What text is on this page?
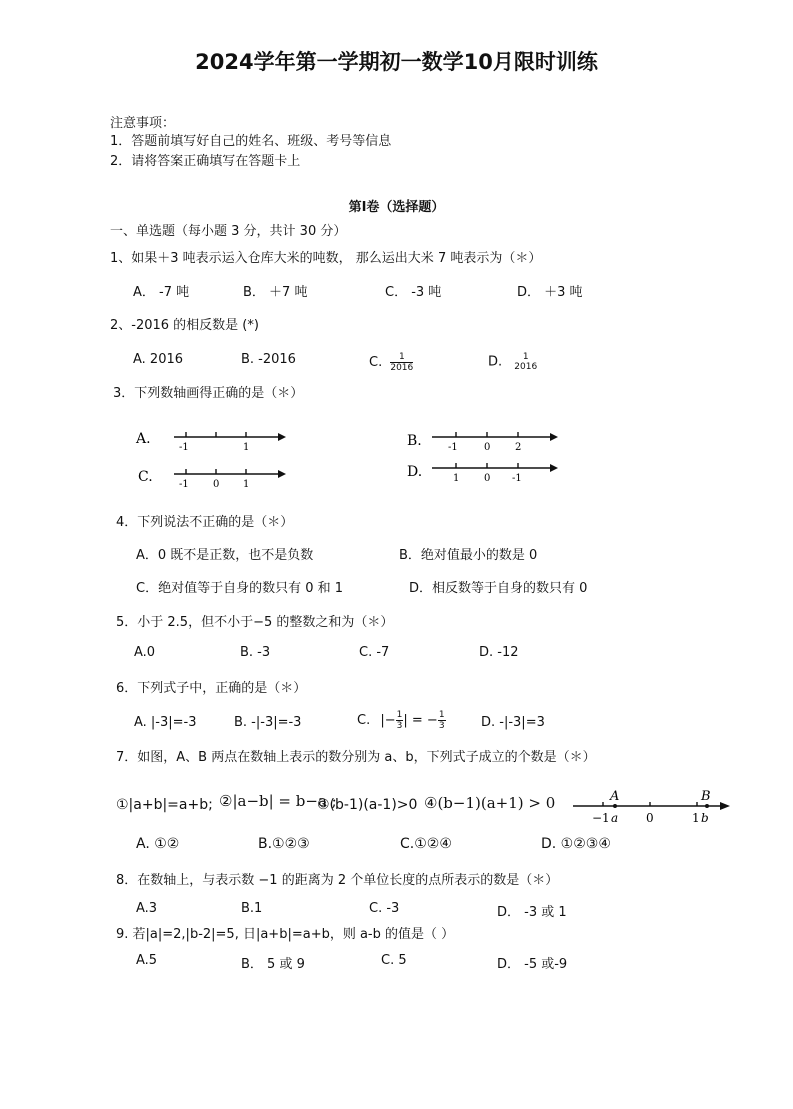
2024学年第一学期初一数学10月限时训练
注意事项：
1．答题前填写好自己的姓名、班级、考号等信息
2．请将答案正确填写在答题卡上
第Ⅰ卷（选择题）
一、单选题（每小题 3 分，共计 30 分）
1、如果＋3 吨表示运入仓库大米的吨数， 那么运出大米 7 吨表示为（＊）
A． -7 吨	B． ＋7 吨	C． -3 吨	D． ＋3 吨
2、-2016 的相反数是 (*)
A. 2016	B. -2016	C. $\frac{1}{2016}$	D.	1
2016
3．下列数轴画得正确的是（＊）
A.
-1	1
C.	-1 0 1
B.	-1	0 2
D.	1 0 -1
4．下列说法不正确的是（＊）
A．0 既不是正数，也不是负数	B．绝对值最小的数是 0
C．绝对值等于自身的数只有 0 和 1	D．相反数等于自身的数只有 0
5．小于 2.5，但不小于−5 的整数之和为（＊）
A.0	B. -3	C. -7	D. -12
6．下列式子中，正确的是（＊）
A. |-3|=-3	B. -|-3|=-3	C. |− $\frac{1}{3}$ | = − $\frac{1}{3}$	D. -|-3|=3
7．如图，A、B 两点在数轴上表示的数分别为 a、b，下列式子成立的个数是（＊）
①|a+b|=a+b; ②|a−b| = b−a ;
③(b-1)(a-1)>0 ④(b−1)(a+1) > 0	A	B
−1 a 0	1 b
A. ①②	B.①②③	C.①②④	D. ①②③④
8．在数轴上，与表示数 −1 的距离为 2 个单位长度的点所表示的数是（＊）
A.3	B.1	C. -3	D． -3 或 1
9. 若|a|=2,|b-2|=5, 日|a+b|=a+b，则 a-b 的值是（ ）
A.5	B． 5 或 9	C. 5	D． -5 或-9
